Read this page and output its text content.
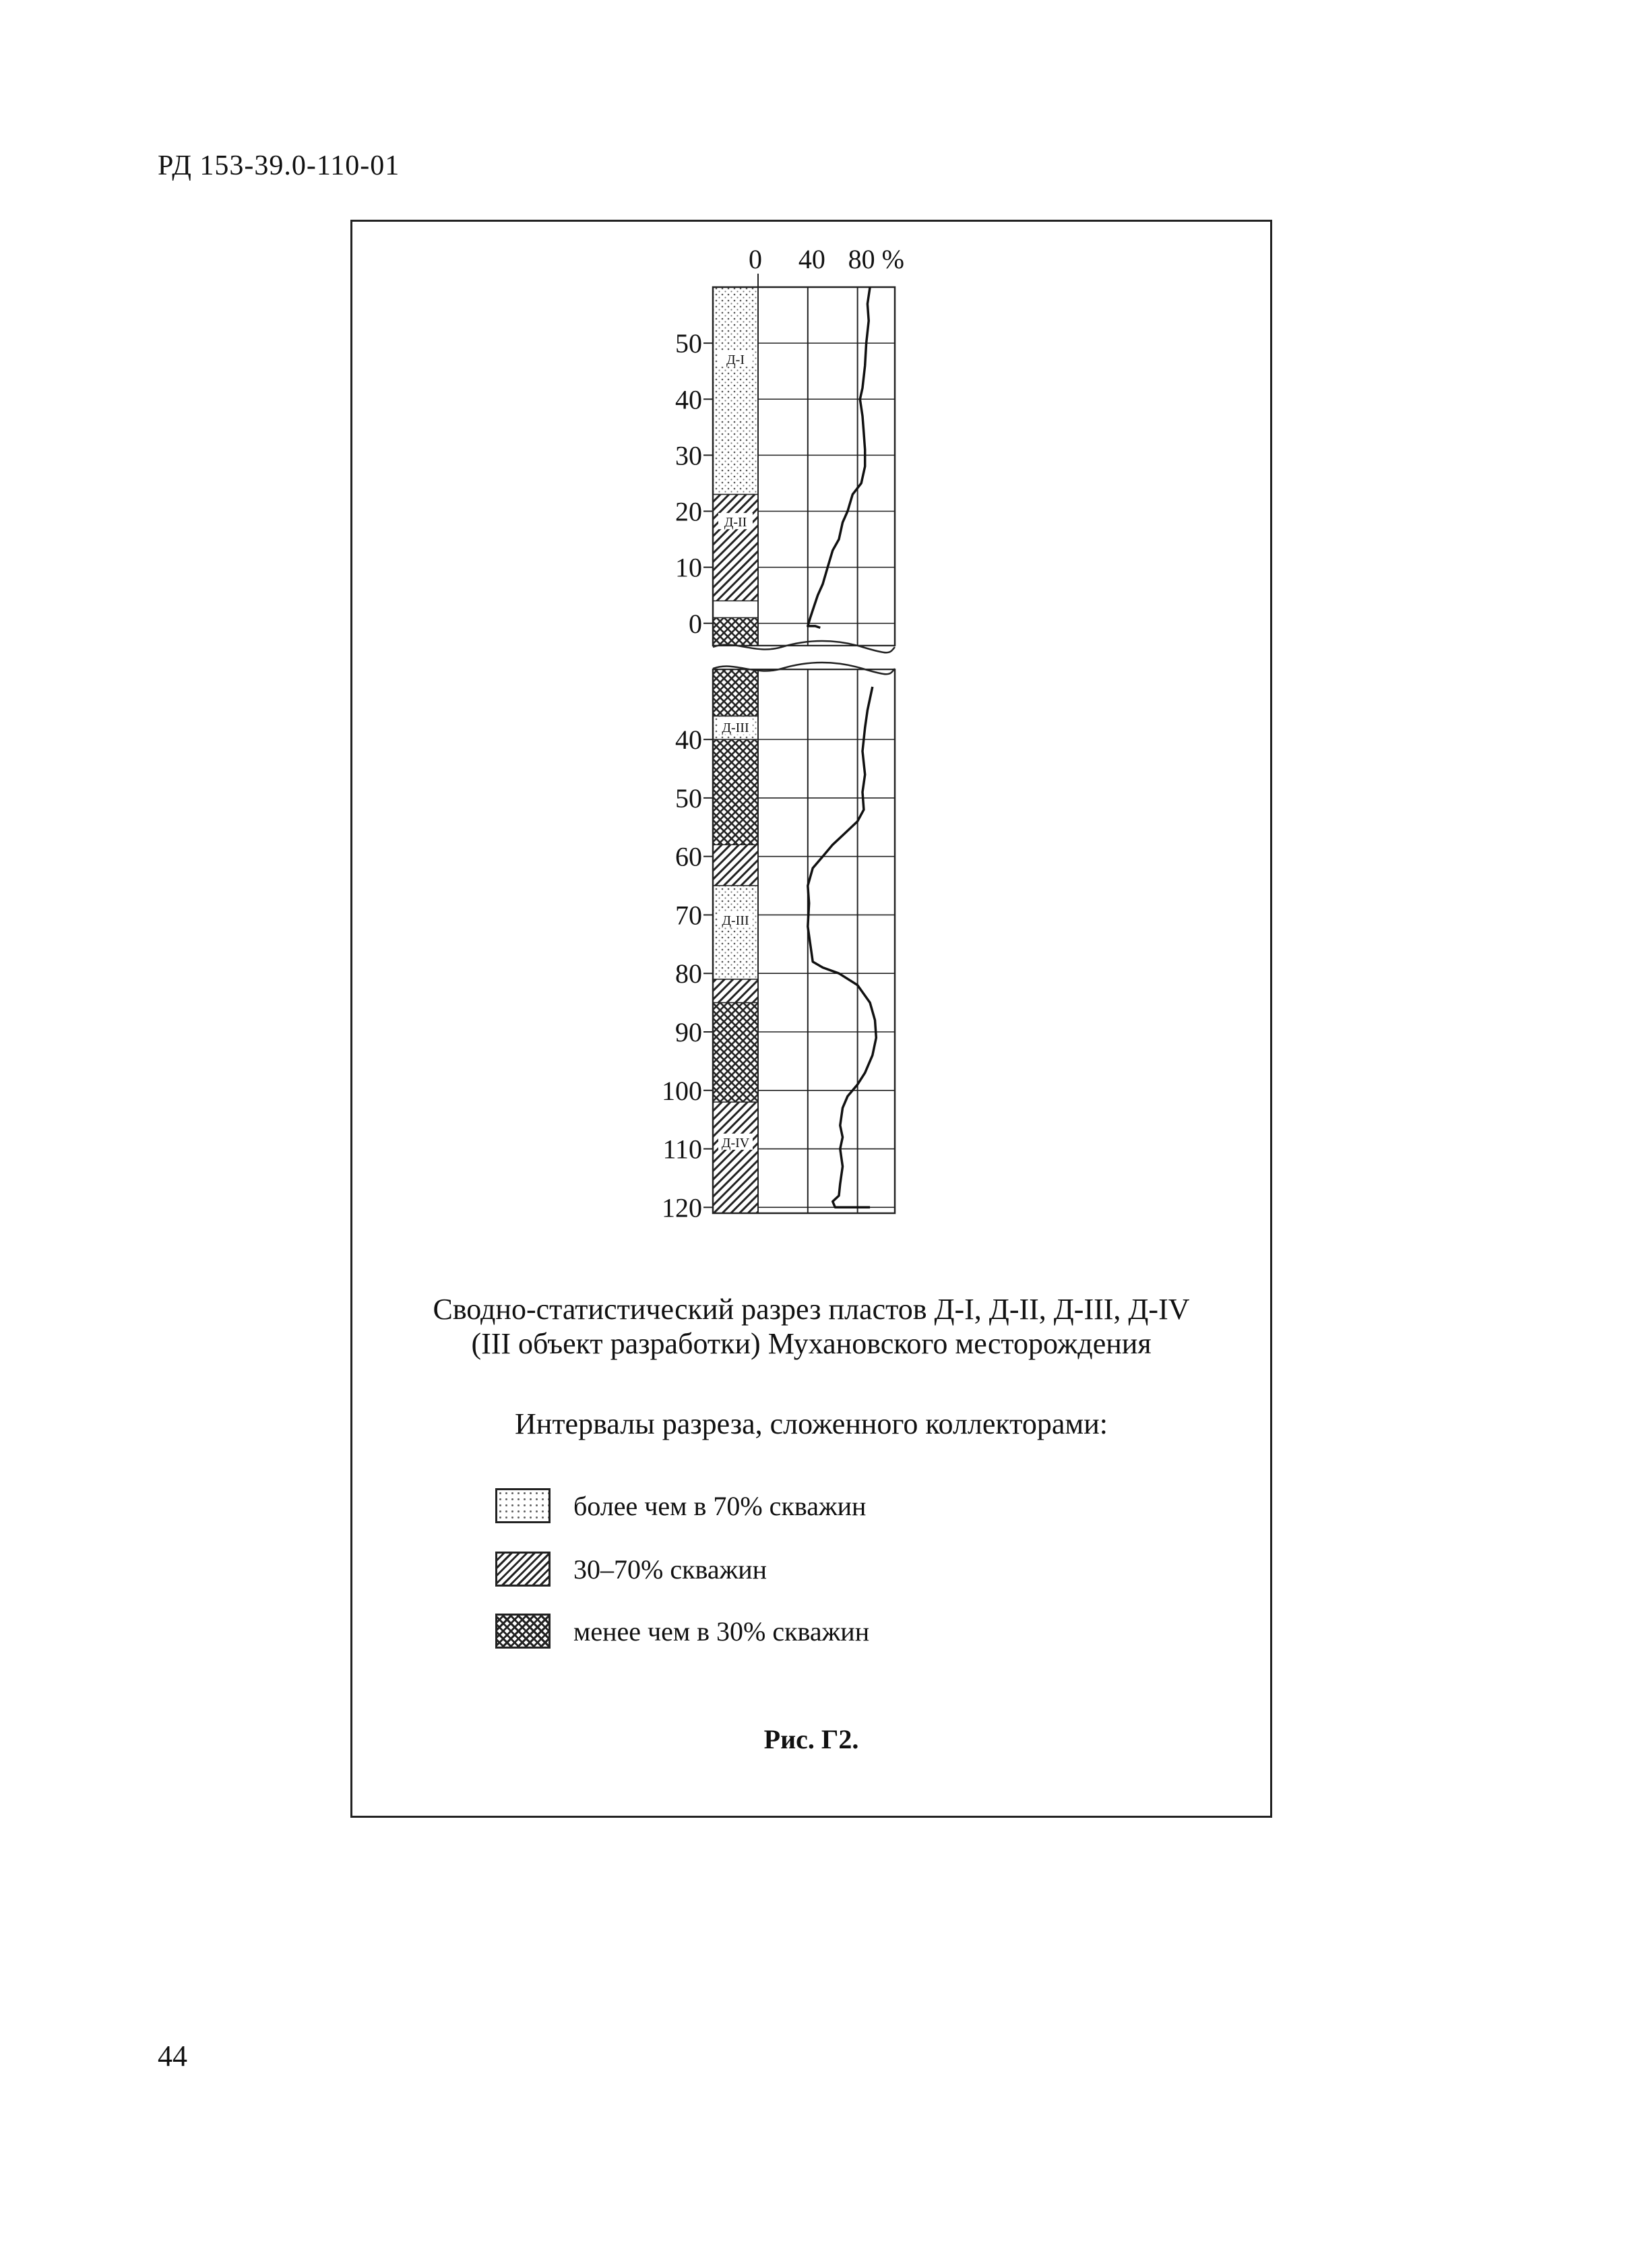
РД 153-39.0-110-01
0 40 80 %
Д-I
Д-II
50
40
30
20
10
0
Д-III
Д-III
Д-IV
40
50
60
70
80
90
100
110
120
Сводно-статистический разрез пластов Д-I, Д-II, Д-III, Д-IV
(III объект разработки) Мухановского месторождения
Интервалы разреза, сложенного коллекторами:
более чем в 70% скважин
30–70% скважин
менее чем в 30% скважин
Рис. Г2.
44
